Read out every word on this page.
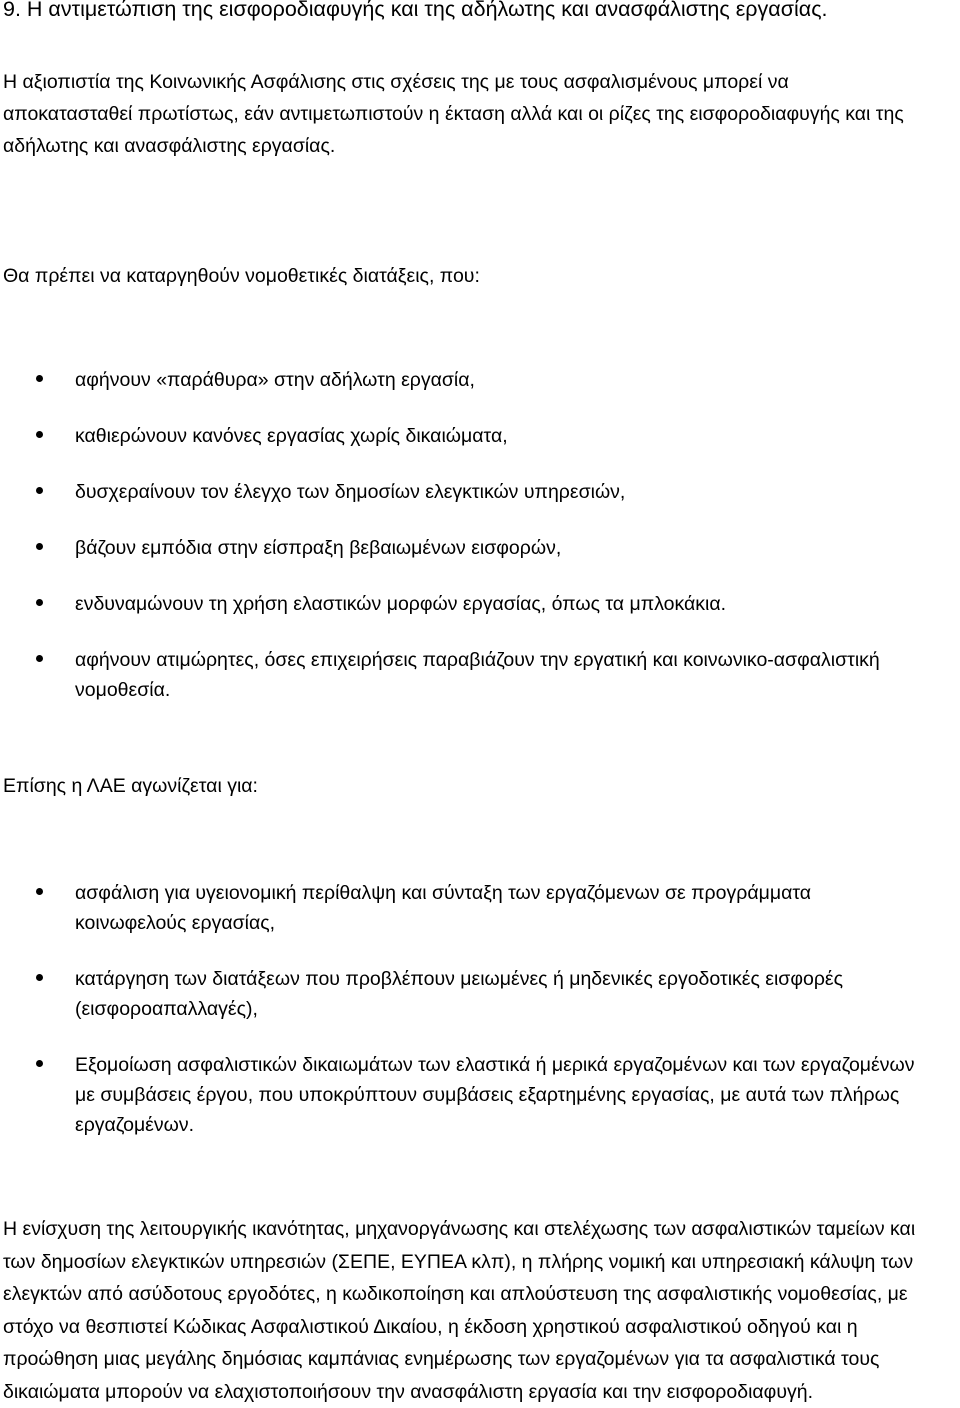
9. Η αντιμετώπιση της εισφοροδιαφυγής και της αδήλωτης και ανασφάλιστης εργασίας.
Η αξιοπιστία της Κοινωνικής Ασφάλισης στις σχέσεις της με τους ασφαλισμένους μπορεί να
αποκατασταθεί πρωτίστως, εάν αντιμετωπιστούν η έκταση αλλά και οι ρίζες της εισφοροδιαφυγής και της
αδήλωτης και ανασφάλιστης εργασίας.
Θα πρέπει να καταργηθούν νομοθετικές διατάξεις, που:
αφήνουν «παράθυρα» στην αδήλωτη εργασία,
καθιερώνουν κανόνες εργασίας χωρίς δικαιώματα,
δυσχεραίνουν τον έλεγχο των δημοσίων ελεγκτικών υπηρεσιών,
βάζουν εμπόδια στην είσπραξη βεβαιωμένων εισφορών,
ενδυναμώνουν τη χρήση ελαστικών μορφών εργασίας, όπως τα μπλοκάκια.
αφήνουν ατιμώρητες, όσες επιχειρήσεις παραβιάζουν την εργατική και κοινωνικο-ασφαλιστική
νομοθεσία.
Επίσης η ΛΑΕ αγωνίζεται για:
ασφάλιση για υγειονομική περίθαλψη και σύνταξη των εργαζόμενων σε προγράμματα
κοινωφελούς εργασίας,
κατάργηση των διατάξεων που προβλέπουν μειωμένες ή μηδενικές εργοδοτικές εισφορές
(εισφοροαπαλλαγές),
Εξομοίωση ασφαλιστικών δικαιωμάτων των ελαστικά ή μερικά εργαζομένων και των εργαζομένων
με συμβάσεις έργου, που υποκρύπτουν συμβάσεις εξαρτημένης εργασίας, με αυτά των πλήρως
εργαζομένων.
Η ενίσχυση της λειτουργικής ικανότητας, μηχανοργάνωσης και στελέχωσης των ασφαλιστικών ταμείων και
των δημοσίων ελεγκτικών υπηρεσιών (ΣΕΠΕ, ΕΥΠΕΑ κλπ), η πλήρης νομική και υπηρεσιακή κάλυψη των
ελεγκτών από ασύδοτους εργοδότες, η κωδικοποίηση και απλούστευση της ασφαλιστικής νομοθεσίας, με
στόχο να θεσπιστεί Κώδικας Ασφαλιστικού Δικαίου, η έκδοση χρηστικού ασφαλιστικού οδηγού και η
προώθηση μιας μεγάλης δημόσιας καμπάνιας ενημέρωσης των εργαζομένων για τα ασφαλιστικά τους
δικαιώματα μπορούν να ελαχιστοποιήσουν την ανασφάλιστη εργασία και την εισφοροδιαφυγή.
